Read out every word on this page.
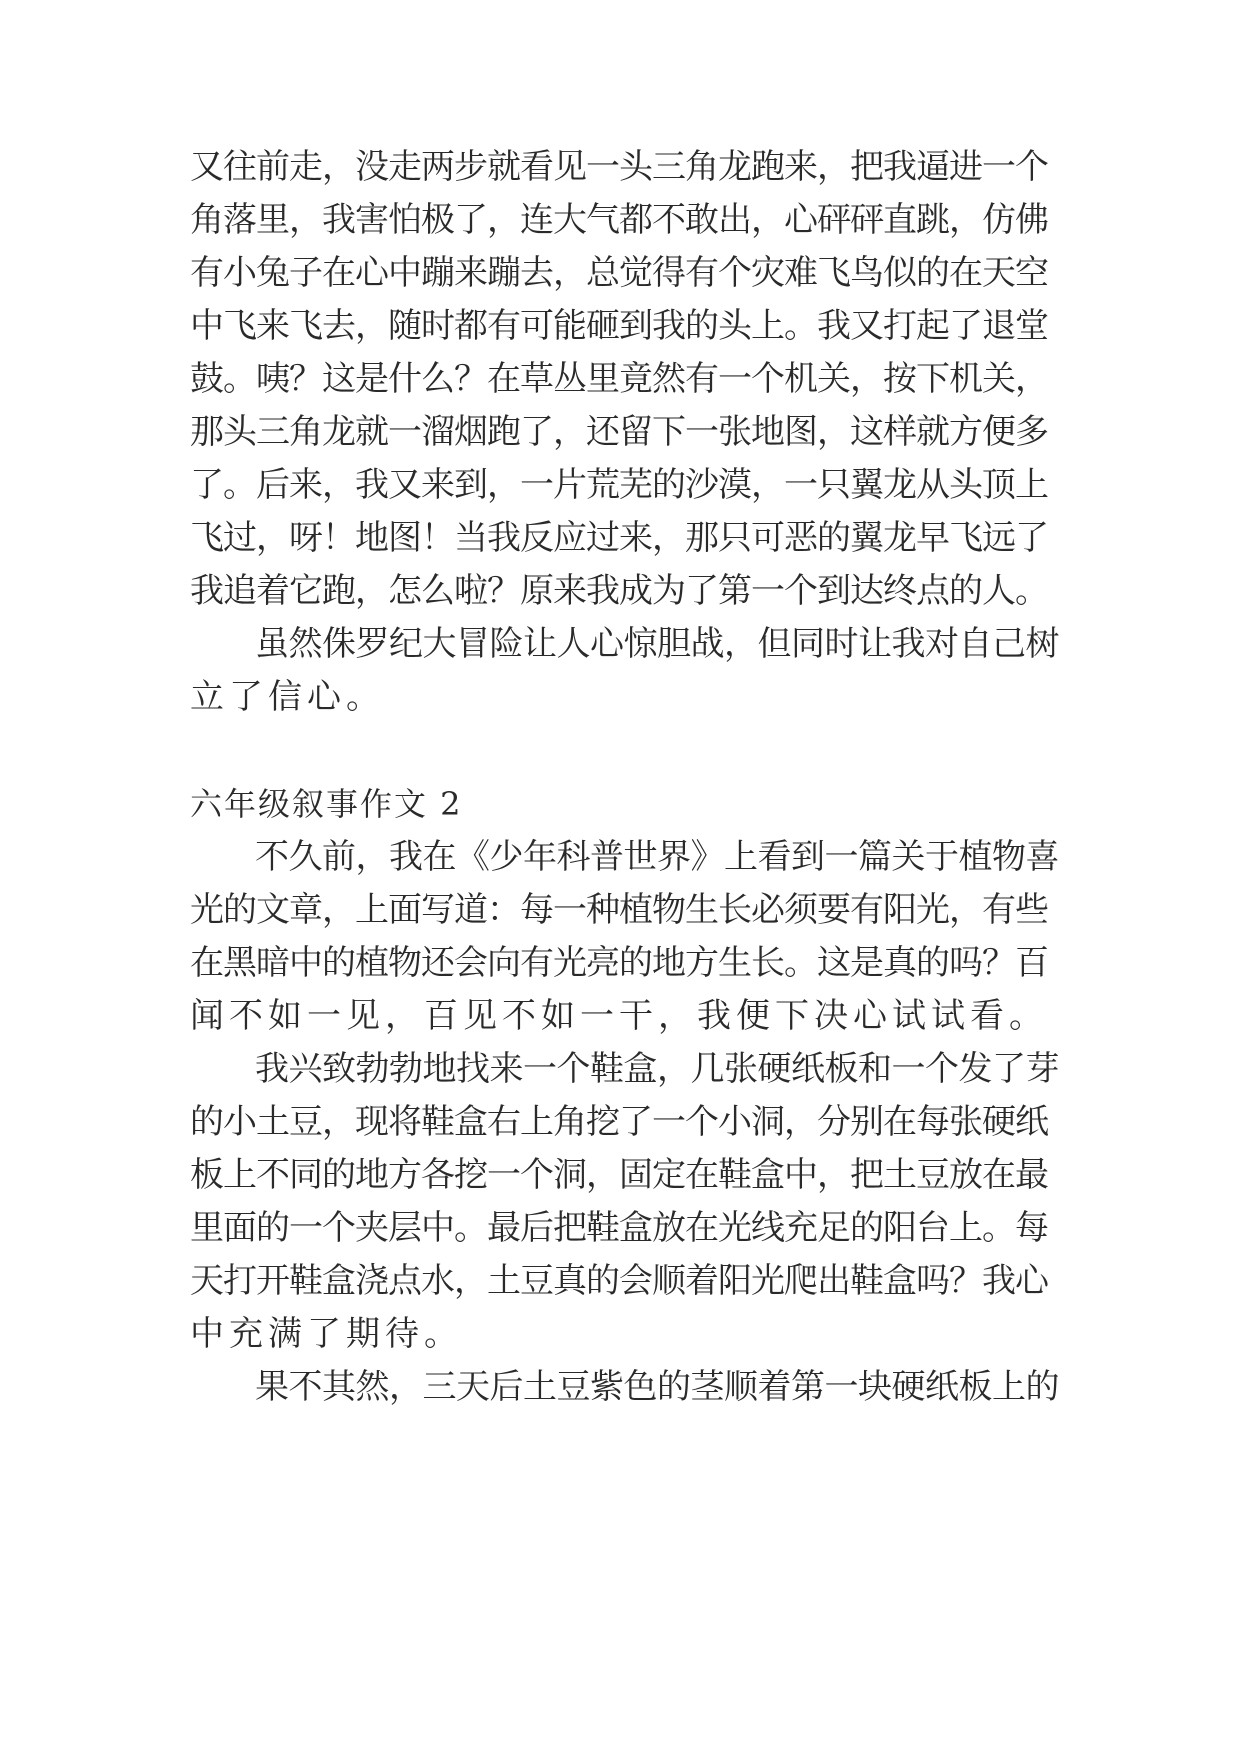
又往前走，没走两步就看见一头三角龙跑来，把我逼进一个
角落里，我害怕极了，连大气都不敢出，心砰砰直跳，仿佛
有小兔子在心中蹦来蹦去，总觉得有个灾难飞鸟似的在天空
中飞来飞去，随时都有可能砸到我的头上。我又打起了退堂
鼓。咦？这是什么？在草丛里竟然有一个机关，按下机关，
那头三角龙就一溜烟跑了，还留下一张地图，这样就方便多
了。后来，我又来到，一片荒芜的沙漠，一只翼龙从头顶上
飞过，呀！地图！当我反应过来，那只可恶的翼龙早飞远了
我追着它跑，怎么啦？原来我成为了第一个到达终点的人。
虽然侏罗纪大冒险让人心惊胆战，但同时让我对自己树
立了信心。
六年级叙事作文 2
不久前，我在《少年科普世界》上看到一篇关于植物喜
光的文章，上面写道：每一种植物生长必须要有阳光，有些
在黑暗中的植物还会向有光亮的地方生长。这是真的吗？百
闻不如一见，百见不如一干，我便下决心试试看。
我兴致勃勃地找来一个鞋盒，几张硬纸板和一个发了芽
的小土豆，现将鞋盒右上角挖了一个小洞，分别在每张硬纸
板上不同的地方各挖一个洞，固定在鞋盒中，把土豆放在最
里面的一个夹层中。最后把鞋盒放在光线充足的阳台上。每
天打开鞋盒浇点水，土豆真的会顺着阳光爬出鞋盒吗？我心
中充满了期待。
果不其然，三天后土豆紫色的茎顺着第一块硬纸板上的
